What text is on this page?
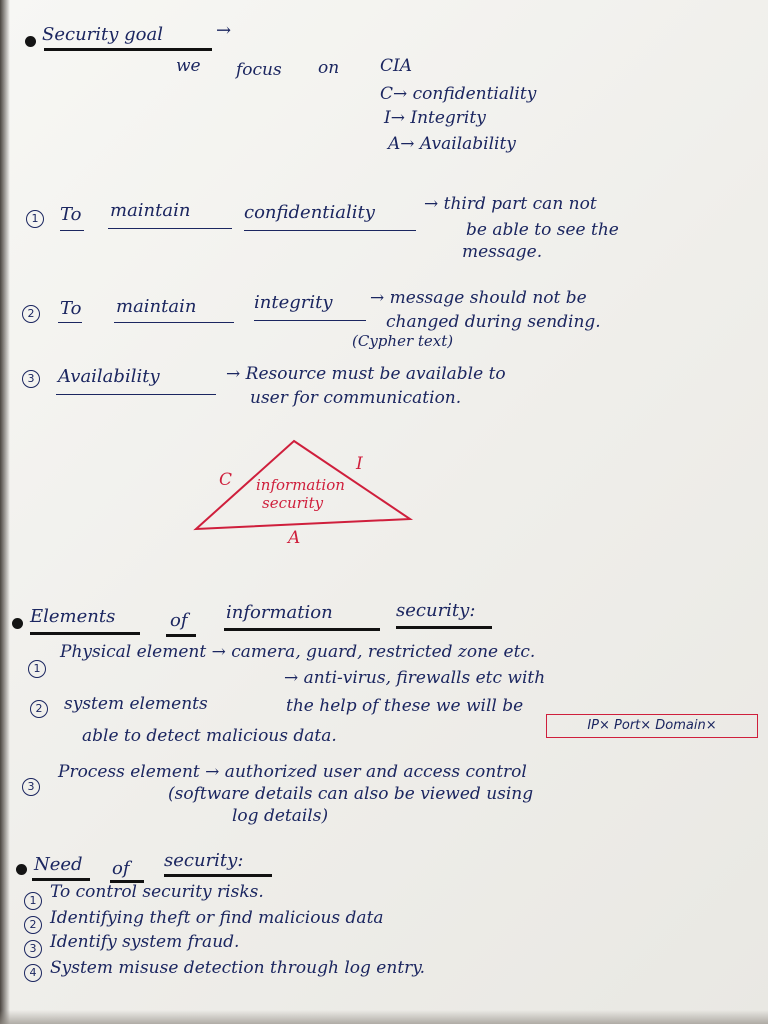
Security goal	→
we focus on CIA
C→ confidentiality
I→ Integrity
A→ Availability
1	To maintain	confidentiality	→ third part can not
be able to see the
message.
2	To maintain	integrity → message should not be
changed during sending.
(Cypher text)
3	Availability	→ Resource must be available to
user for communication.
C
I
A
information
security
Elements	of information	security:
1
Physical element → camera, guard, restricted zone etc.
2	system elements
→ anti-virus, firewalls etc with
the help of these we will be
able to detect malicious data.
IP× Port× Domain×
3
Process element → authorized user and access control
(software details can also be viewed using
log details)
Need of security:
1 To control security risks.
2 Identifying theft or find malicious data
3 Identify system fraud.
4 System misuse detection through log entry.
